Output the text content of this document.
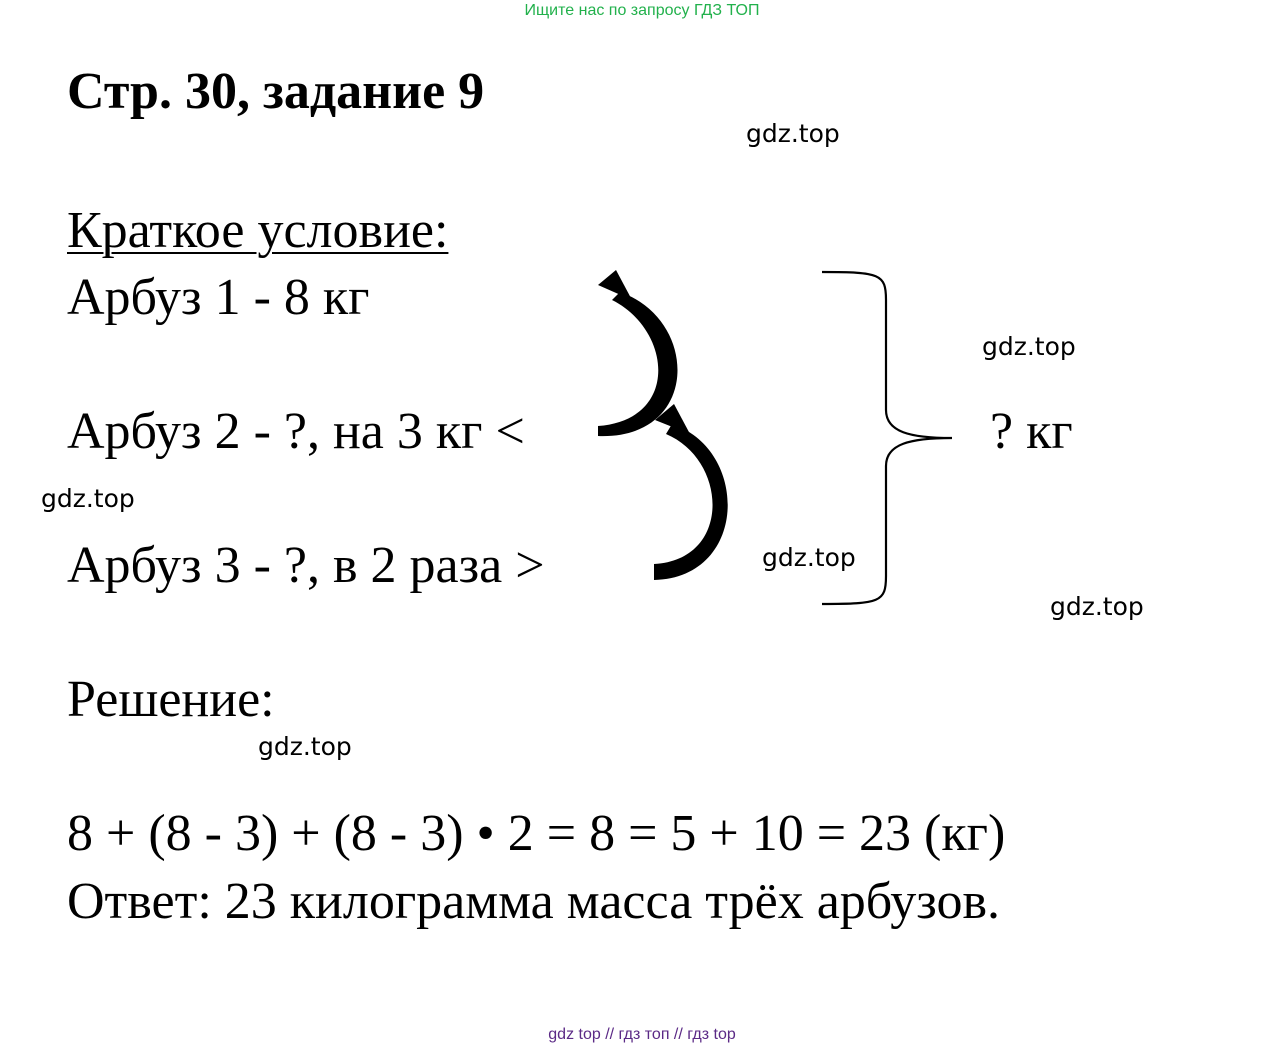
Ищите нас по запросу ГДЗ ТОП
Стр. 30, задание 9
gdz.top
gdz.top
gdz.top
gdz.top
gdz.top
gdz.top
Краткое условие:
Арбуз 1 - 8 кг
Арбуз 2 - ?, на 3 кг <
Арбуз 3 - ?, в 2 раза >
? кг
Решение:
8 + (8 - 3) + (8 - 3) • 2 = 8 = 5 + 10 = 23 (кг)
Ответ: 23 килограмма масса трёх арбузов.
gdz top // гдз топ // гдз top
